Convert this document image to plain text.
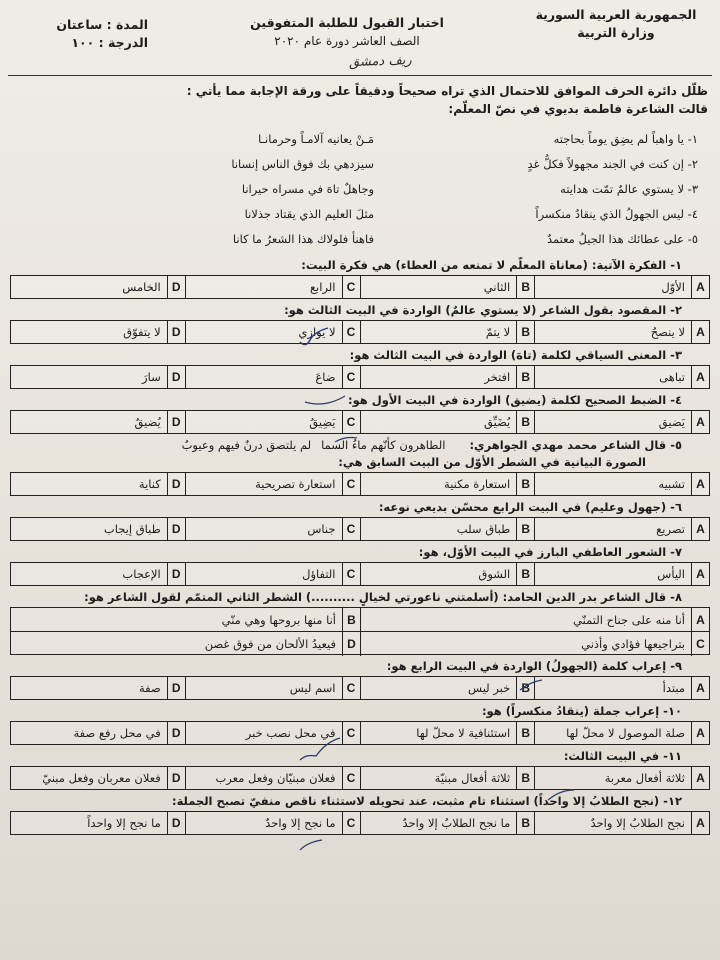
الجمهورية العربية السورية
وزارة التربية
اختبار القبول للطلبة المتفوقين
الصف العاشر دورة عام ٢٠٢٠
المدة : ساعتان
الدرجة : ١٠٠
ريف دمشق
ظلّل دائرة الحرف الموافق للاحتمال الذي تراه صحيحاً ودقيقاً على ورقة الإجابة مما يأتي :
قالت الشاعرة فاطمة بديوي في نصّ المعلّم:
١- يا واهباً لم يضِق يوماً بحاجته
مَـنْ يعانيه آلامـاً وحرمانـا
٢- إن كنت في الجند مجهولاً فكلُّ غدٍ
سيزدهي بك فوق الناس إنسانا
٣- لا يستوي عالمٌ تمّت هدايته
وجاهلٌ تاهَ في مسراه حيرانا
٤- ليس الجهولُ الذي ينقادُ منكسراً
مثلَ العليم الذي يقتاد جذلانا
٥- على عطائك هذا الجيلُ معتمدٌ
فاهنأ فلولاك هذا الشعرُ ما كانا
١- الفكرة الآتية: (معاناة المعلّم لا تمنعه من العطاء) هي فكرة البيت:
A
الأوّل
B
الثاني
C
الرابع
D
الخامس
٢- المقصود بقول الشاعر (لا يستوي عالمٌ) الواردة في البيت الثالث هو:
A
لا ينصحُ
B
لا يتمّ
C
لا يوازي
D
لا يتفوّق
٣- المعنى السياقي لكلمة (تاهَ) الواردة في البيت الثالث هو:
A
تباهى
B
افتخر
C
ضاعَ
D
سارَ
٤- الضبط الصحيح لكلمة (يضيق) الواردة في البيت الأول هو:
A
يَضيق
B
يُضَيِّق
C
يَضِيقُ
D
يُضيقُ
٥- قال الشاعر محمد مهدي الجواهري:الطاهرون كأنّهم ماءُ السمالم يلتصق درنٌ فيهم وعيوبُ
الصورة البيانية في الشطر الأوّل من البيت السابق هي:
A
تشبيه
B
استعارة مكنية
C
استعارة تصريحية
D
كناية
٦- (جهول وعليم) في البيت الرابع محسّن بديعي نوعه:
A
تصريع
B
طباق سلب
C
جناس
D
طباق إيجاب
٧- الشعور العاطفي البارز في البيت الأوّل، هو:
A
اليأس
B
الشوق
C
التفاؤل
D
الإعجاب
٨- قال الشاعر بدر الدين الحامد: (أسلمتني ناعورتي لخيالٍ ..........) الشطر الثاني المتمّم لقول الشاعر هو:
A
أنا منه على جناح التمنّي
B
أنا منها بروحها وهي منّي
C
بتراجيعها فؤادي وأذني
D
فيعيدُ الألحان من فوق غصن
٩- إعراب كلمة (الجهولُ) الواردة في البيت الرابع هو:
A
مبتدأ
B
خبر ليس
C
اسم ليس
D
صفة
١٠- إعراب جملة (ينقادُ منكسراً) هو:
A
صلة الموصول لا محلّ لها
B
استئنافية لا محلّ لها
C
في محل نصب خبر
D
في محل رفع صفة
١١- في البيت الثالث:
A
ثلاثة أفعال معربة
B
ثلاثة أفعال مبنيّة
C
فعلان مبنيّان وفعل معرب
D
فعلان معربان وفعل مبنيّ
١٢- (نجح الطلابُ إلا واحداً) استثناء تام مثبت، عند تحويله لاستثناء ناقص منفيّ تصبح الجملة:
A
نجح الطلابُ إلا واحدٌ
B
ما نجح الطلابُ إلا واحدٌ
C
ما نجح إلا واحدٌ
D
ما نجح إلا واحداً
